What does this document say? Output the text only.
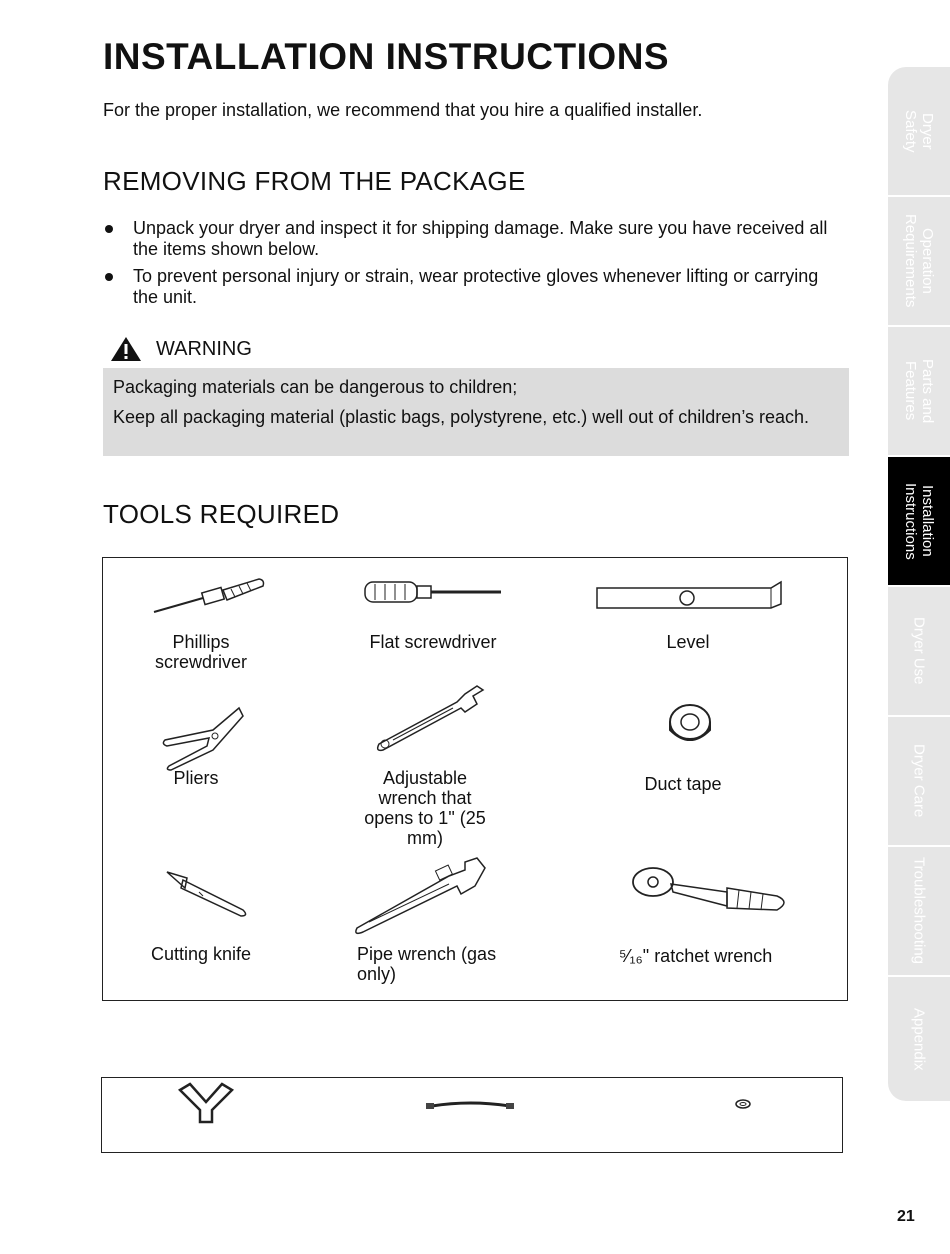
INSTALLATION INSTRUCTIONS
For the proper installation, we recommend that you hire a qualified installer.
REMOVING FROM THE PACKAGE
Unpack your dryer and inspect it for shipping damage. Make sure you have received all the items shown below.
To prevent personal injury or strain, wear protective gloves whenever lifting or carrying the unit.
WARNING

Packaging materials can be dangerous to children;

Keep all packaging material (plastic bags, polystyrene, etc.) well out of children’s reach.

TOOLS REQUIRED
Phillips screwdriver
Flat screwdriver	Level
Pliers	Adjustable wrench that opens to 1" (25 mm)
Duct tape
Cutting knife	Pipe wrench (gas only)
⁵⁄₁₆" ratchet wrench
Dryer
Safety
Operation
Requirements
Parts and
Features
Installation
Instructions
Dryer Use
Dryer Care
Troubleshooting
Appendix
21
